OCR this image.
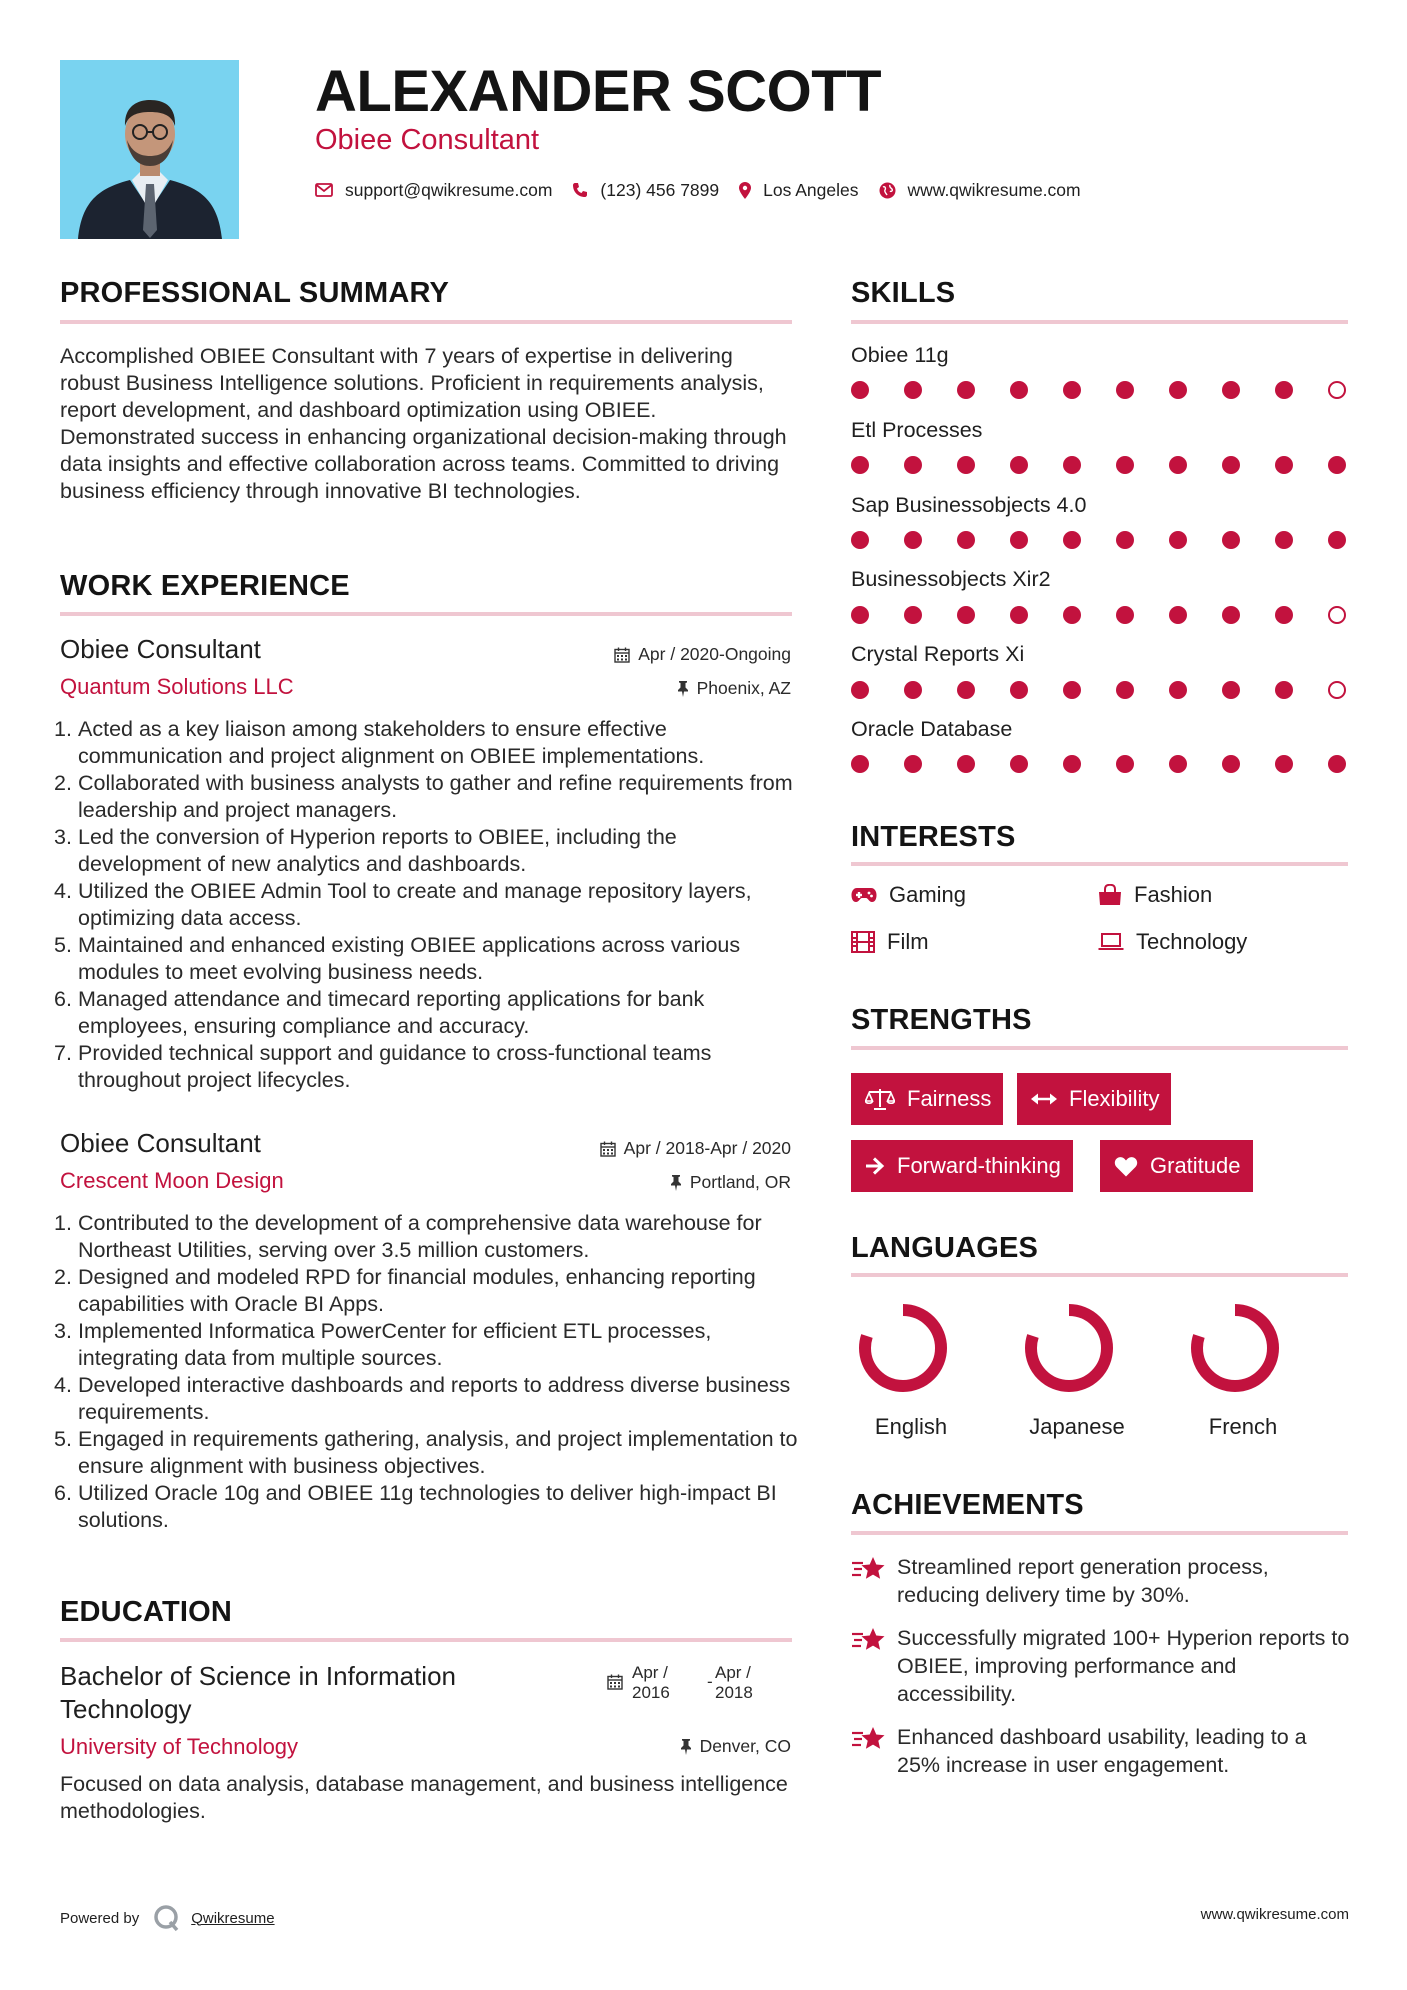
ALEXANDER SCOTT
Obiee Consultant
support@qwikresume.com	(123) 456 7899	Los Angeles	www.qwikresume.com
PROFESSIONAL SUMMARY
Accomplished OBIEE Consultant with 7 years of expertise in delivering robust Business Intelligence solutions. Proficient in requirements analysis, report development, and dashboard optimization using OBIEE. Demonstrated success in enhancing organizational decision-making through data insights and effective collaboration across teams. Committed to driving business efficiency through innovative BI technologies.
WORK EXPERIENCE
Obiee Consultant	Apr / 2020-Ongoing
Quantum Solutions LLC	Phoenix, AZ
1. Acted as a key liaison among stakeholders to ensure effective communication and project alignment on OBIEE implementations.
2. Collaborated with business analysts to gather and refine requirements from leadership and project managers.
3. Led the conversion of Hyperion reports to OBIEE, including the development of new analytics and dashboards.
4. Utilized the OBIEE Admin Tool to create and manage repository layers, optimizing data access.
5. Maintained and enhanced existing OBIEE applications across various modules to meet evolving business needs.
6. Managed attendance and timecard reporting applications for bank employees, ensuring compliance and accuracy.
7. Provided technical support and guidance to cross-functional teams throughout project lifecycles.
Obiee Consultant	Apr / 2018-Apr / 2020
Crescent Moon Design	Portland, OR
1. Contributed to the development of a comprehensive data warehouse for Northeast Utilities, serving over 3.5 million customers.
2. Designed and modeled RPD for financial modules, enhancing reporting capabilities with Oracle BI Apps.
3. Implemented Informatica PowerCenter for efficient ETL processes, integrating data from multiple sources.
4. Developed interactive dashboards and reports to address diverse business requirements.
5. Engaged in requirements gathering, analysis, and project implementation to ensure alignment with business objectives.
6. Utilized Oracle 10g and OBIEE 11g technologies to deliver high-impact BI solutions.
EDUCATION
Bachelor of Science in Information Technology
Apr /
2016
- Apr /
2018
University of Technology	Denver, CO
Focused on data analysis, database management, and business intelligence methodologies.
SKILLS
Obiee 11g
Etl Processes
Sap Businessobjects 4.0
Businessobjects Xir2
Crystal Reports Xi
Oracle Database
INTERESTS
Gaming	Fashion
Film	Technology
STRENGTHS
Fairness	Flexibility
Forward-thinking	Gratitude
LANGUAGES
English	Japanese	French
ACHIEVEMENTS
Streamlined report generation process, reducing delivery time by 30%.
Successfully migrated 100+ Hyperion reports to OBIEE, improving performance and accessibility.
Enhanced dashboard usability, leading to a 25% increase in user engagement.
Powered by	Qwikresume	www.qwikresume.com
